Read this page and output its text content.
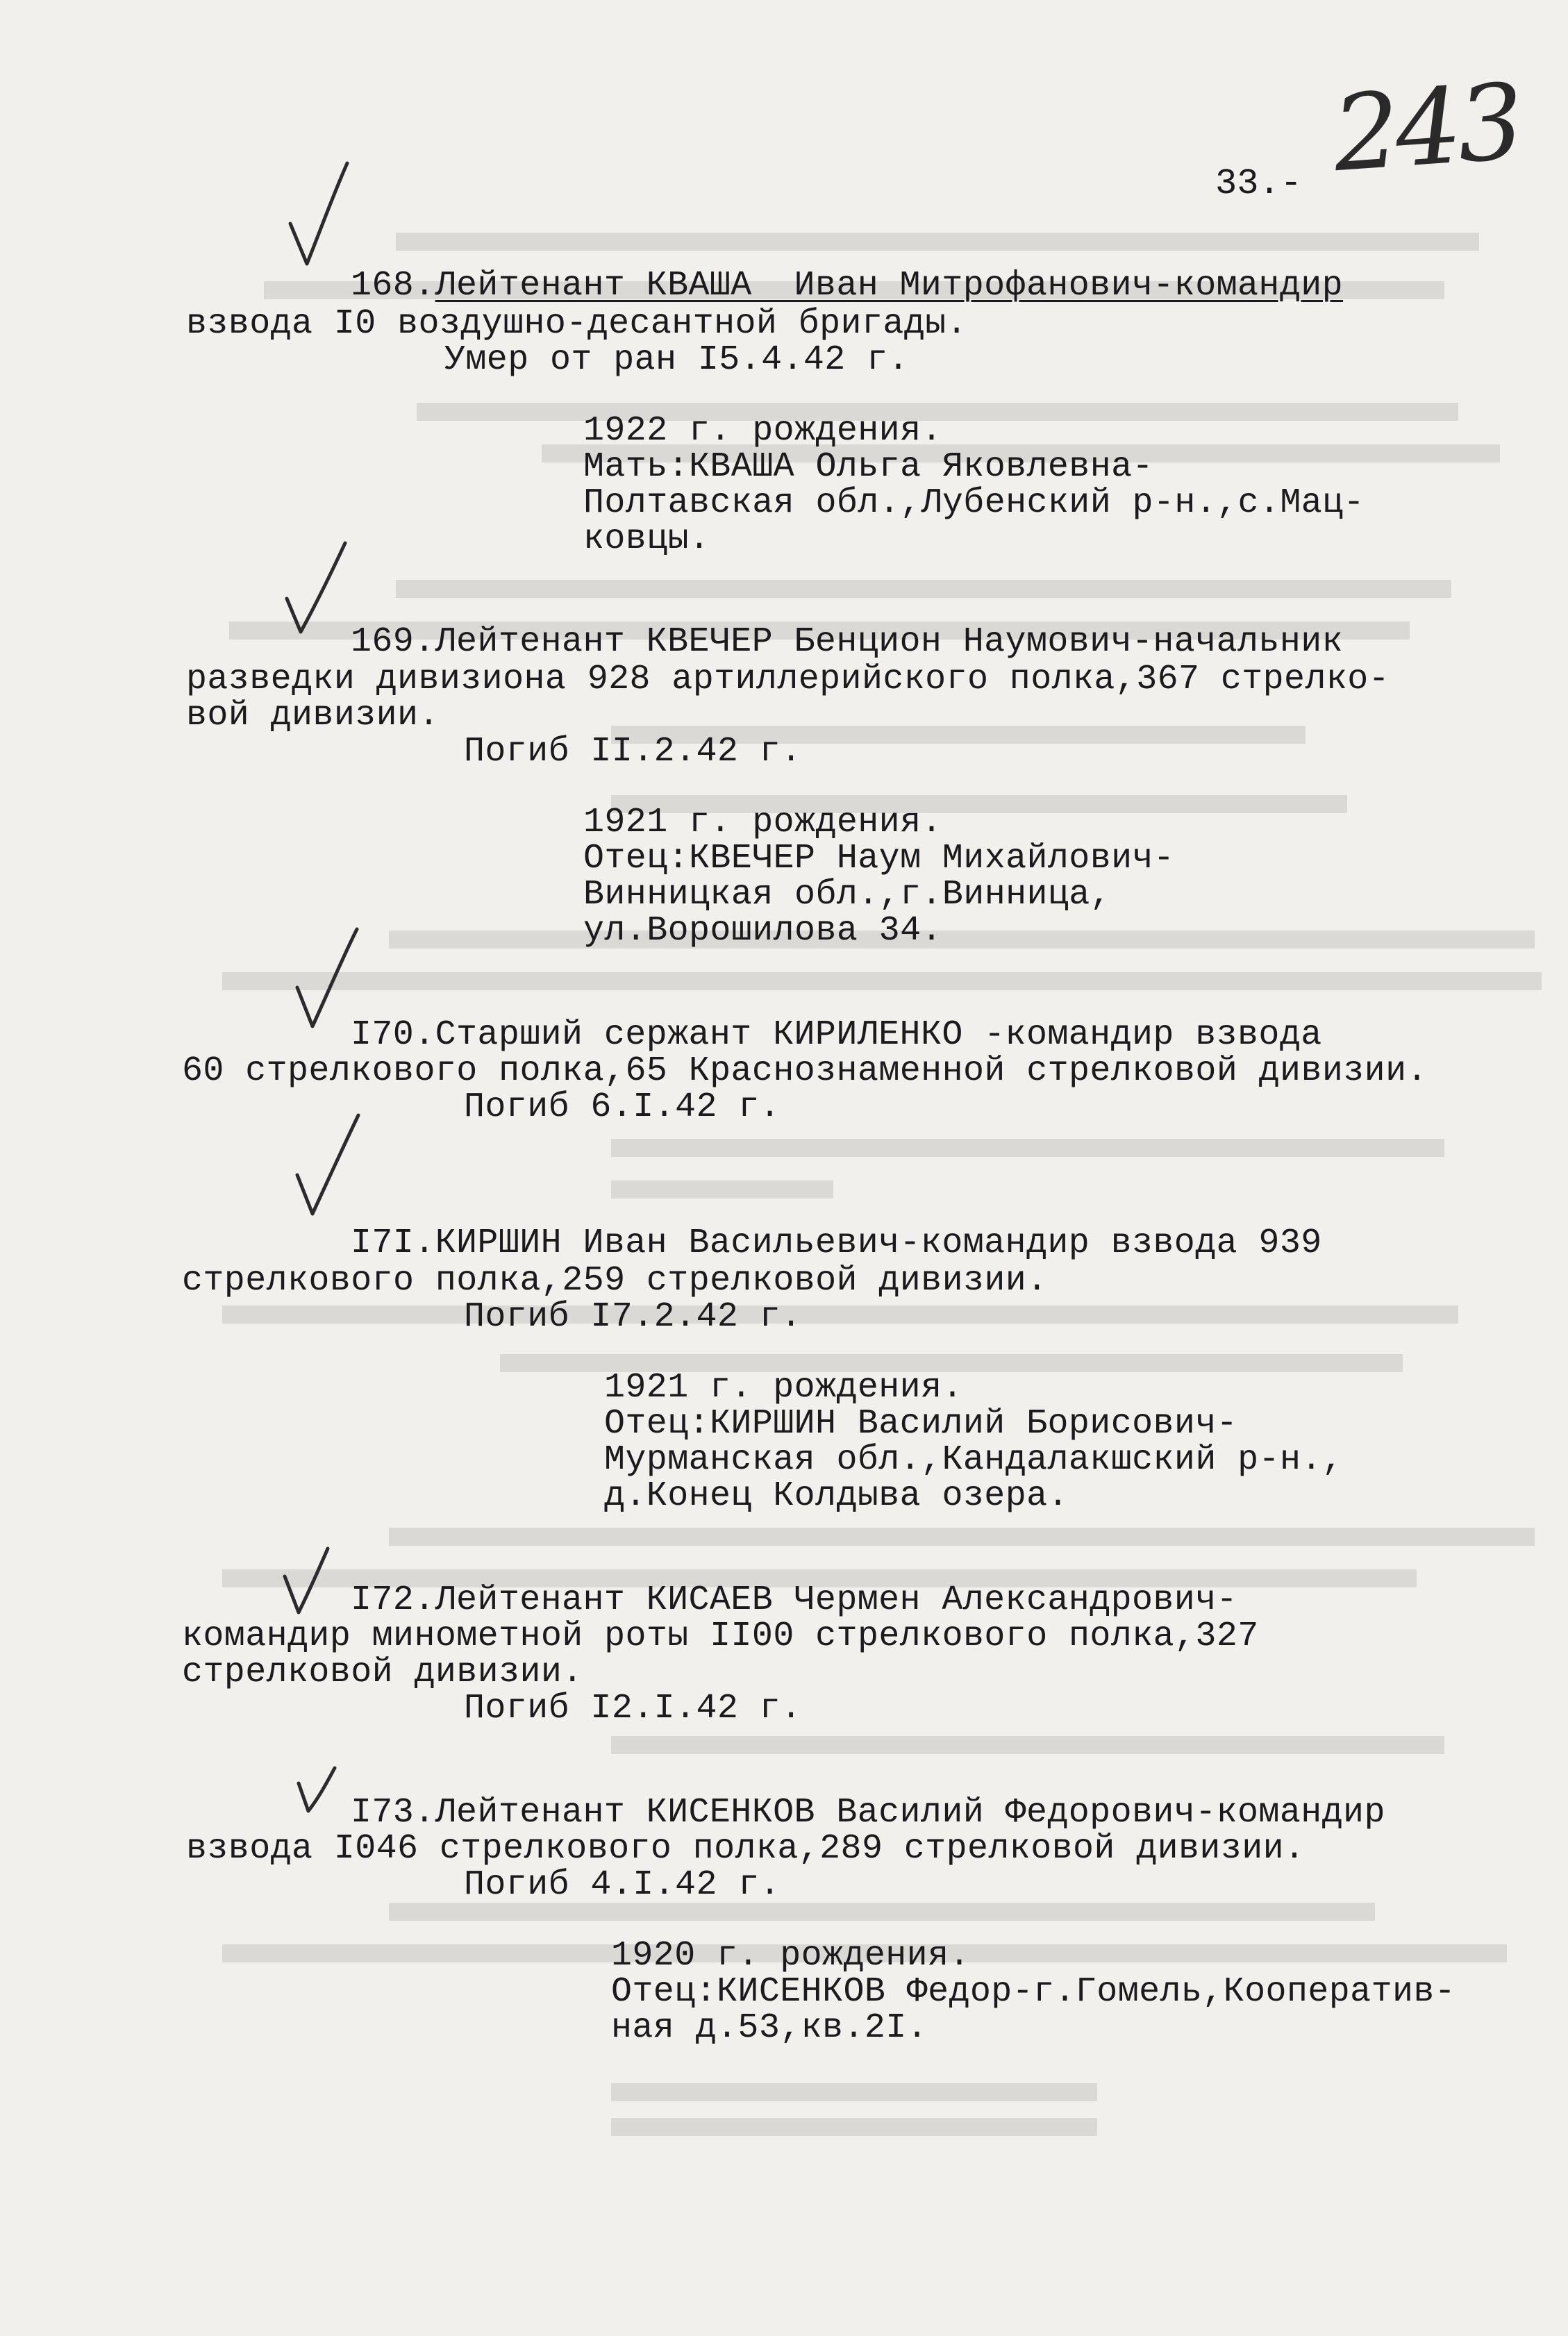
33.- 243
168.Лейтенант КВАША  Иван Митрофанович-командир
взвода I0 воздушно-десантной бригады.
Умер от ран I5.4.42 г.
1922 г. рождения.
Мать:КВАША Ольга Яковлевна-
Полтавская обл.,Лубенский р-н.,с.Мац-
ковцы.
169.Лейтенант КВЕЧЕР Бенцион Наумович-начальник
разведки дивизиона 928 артиллерийского полка,367 стрелко-
вой дивизии.
Погиб II.2.42 г.
1921 г. рождения.
Отец:КВЕЧЕР Наум Михайлович-
Винницкая обл.,г.Винница,
ул.Ворошилова 34.
I70.Старший сержант КИРИЛЕНКО -командир взвода
60 стрелкового полка,65 Краснознаменной стрелковой дивизии.
Погиб 6.I.42 г.
I7I.КИРШИН Иван Васильевич-командир взвода 939
стрелкового полка,259 стрелковой дивизии.
Погиб I7.2.42 г.
1921 г. рождения.
Отец:КИРШИН Василий Борисович-
Мурманская обл.,Кандалакшский р-н.,
д.Конец Колдыва озера.
I72.Лейтенант КИСАЕВ Чермен Александрович-
командир минометной роты II00 стрелкового полка,327
стрелковой дивизии.
Погиб I2.I.42 г.
I73.Лейтенант КИСЕНКОВ Василий Федорович-командир
взвода I046 стрелкового полка,289 стрелковой дивизии.
Погиб 4.I.42 г.
1920 г. рождения.
Отец:КИСЕНКОВ Федор-г.Гомель,Кооператив-
ная д.53,кв.2I.
